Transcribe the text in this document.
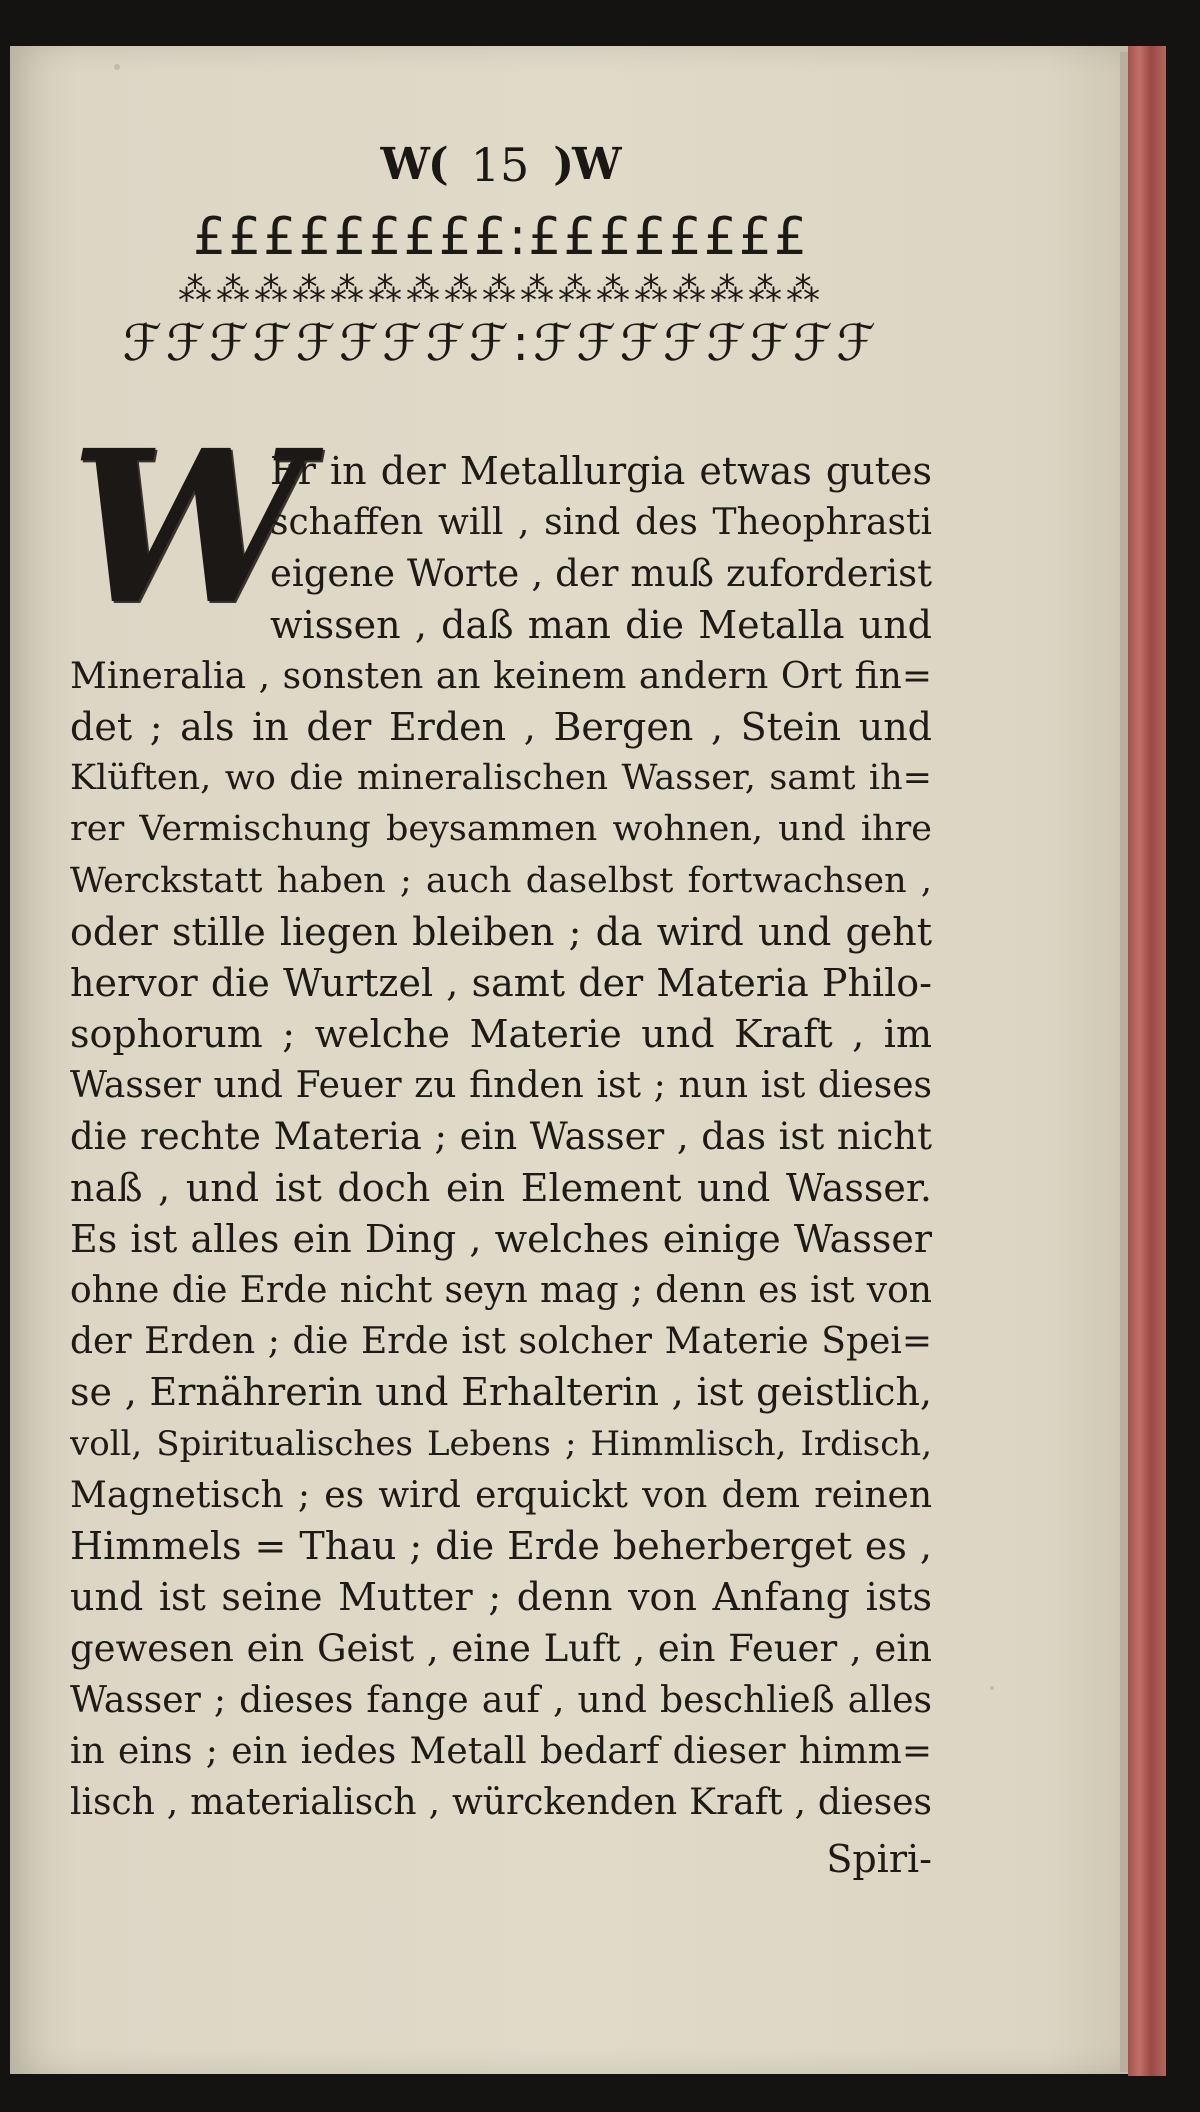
W( 15 )W
£££££££££:££££££££
⁂⁂⁂⁂⁂⁂⁂⁂⁂⁂⁂⁂⁂⁂⁂⁂⁂
ℱℱℱℱℱℱℱℱℱ:ℱℱℱℱℱℱℱℱ
W
Er in der Metallurgia etwas gutes
schaffen will , sind des Theophrasti
eigene Worte , der muß zuforderist
wissen , daß man die Metalla und
Mineralia , sonsten an keinem andern Ort fin=
det ; als in der Erden , Bergen , Stein und
Klüften, wo die mineralischen Wasser, samt ih=
rer Vermischung beysammen wohnen, und ihre
Werckstatt haben ; auch daselbst fortwachsen ,
oder stille liegen bleiben ; da wird und geht
hervor die Wurtzel , samt der Materia Philo-
sophorum ; welche Materie und Kraft , im
Wasser und Feuer zu finden ist ; nun ist dieses
die rechte Materia ; ein Wasser , das ist nicht
naß , und ist doch ein Element und Wasser.
Es ist alles ein Ding , welches einige Wasser
ohne die Erde nicht seyn mag ; denn es ist von
der Erden ; die Erde ist solcher Materie Spei=
se , Ernährerin und Erhalterin , ist geistlich,
voll, Spiritualisches Lebens ; Himmlisch, Irdisch,
Magnetisch ; es wird erquickt von dem reinen
Himmels = Thau ; die Erde beherberget es ,
und ist seine Mutter ; denn von Anfang ists
gewesen ein Geist , eine Luft , ein Feuer , ein
Wasser ; dieses fange auf , und beschließ alles
in eins ; ein iedes Metall bedarf dieser himm=
lisch , materialisch , würckenden Kraft , dieses
Spiri-
